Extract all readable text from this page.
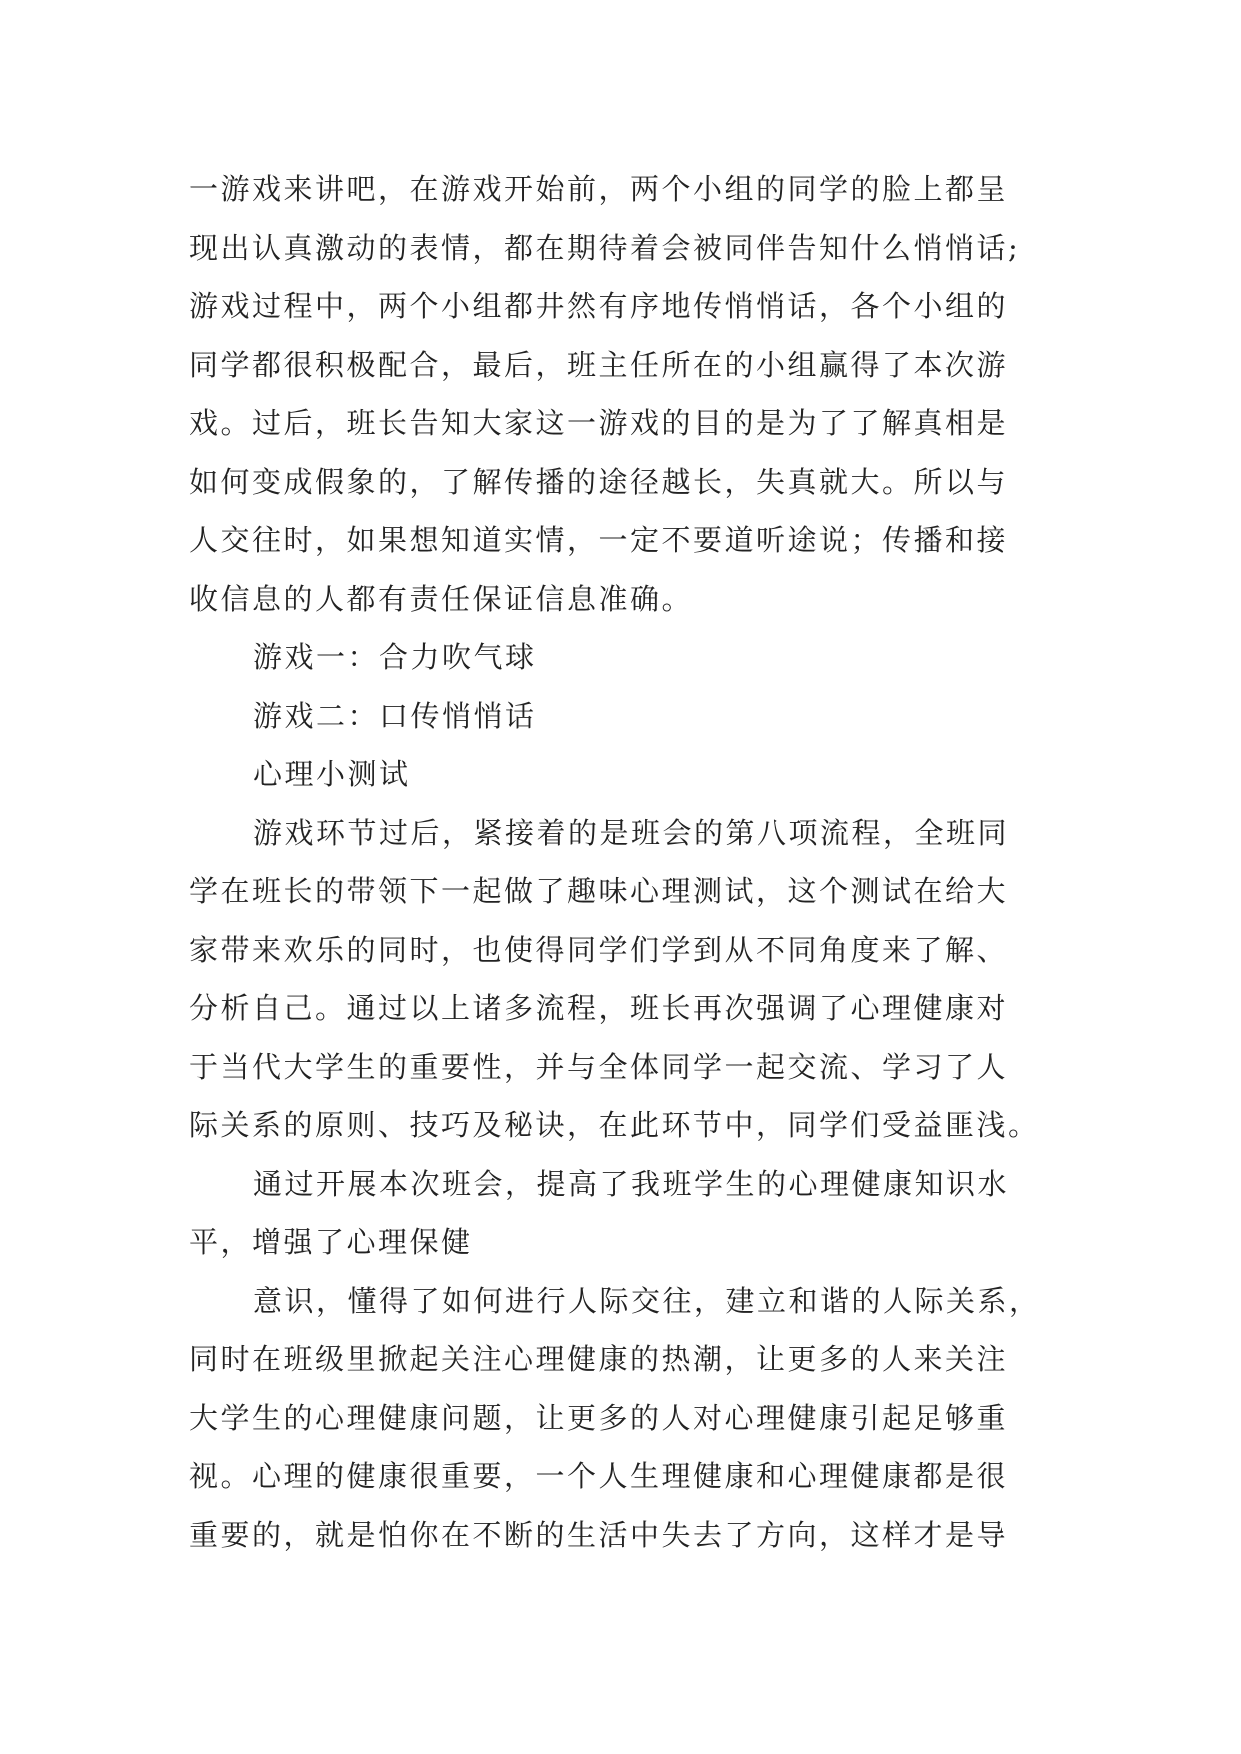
一游戏来讲吧，在游戏开始前，两个小组的同学的脸上都呈
现出认真激动的表情，都在期待着会被同伴告知什么悄悄话;
游戏过程中，两个小组都井然有序地传悄悄话，各个小组的
同学都很积极配合，最后，班主任所在的小组赢得了本次游
戏。过后，班长告知大家这一游戏的目的是为了了解真相是
如何变成假象的，了解传播的途径越长，失真就大。所以与
人交往时，如果想知道实情，一定不要道听途说；传播和接
收信息的人都有责任保证信息准确。
游戏一：合力吹气球
游戏二：口传悄悄话
心理小测试
游戏环节过后，紧接着的是班会的第八项流程，全班同
学在班长的带领下一起做了趣味心理测试，这个测试在给大
家带来欢乐的同时，也使得同学们学到从不同角度来了解、
分析自己。通过以上诸多流程，班长再次强调了心理健康对
于当代大学生的重要性，并与全体同学一起交流、学习了人
际关系的原则、技巧及秘诀，在此环节中，同学们受益匪浅。
通过开展本次班会，提高了我班学生的心理健康知识水
平，增强了心理保健
意识，懂得了如何进行人际交往，建立和谐的人际关系，
同时在班级里掀起关注心理健康的热潮，让更多的人来关注
大学生的心理健康问题，让更多的人对心理健康引起足够重
视。心理的健康很重要，一个人生理健康和心理健康都是很
重要的，就是怕你在不断的生活中失去了方向，这样才是导
